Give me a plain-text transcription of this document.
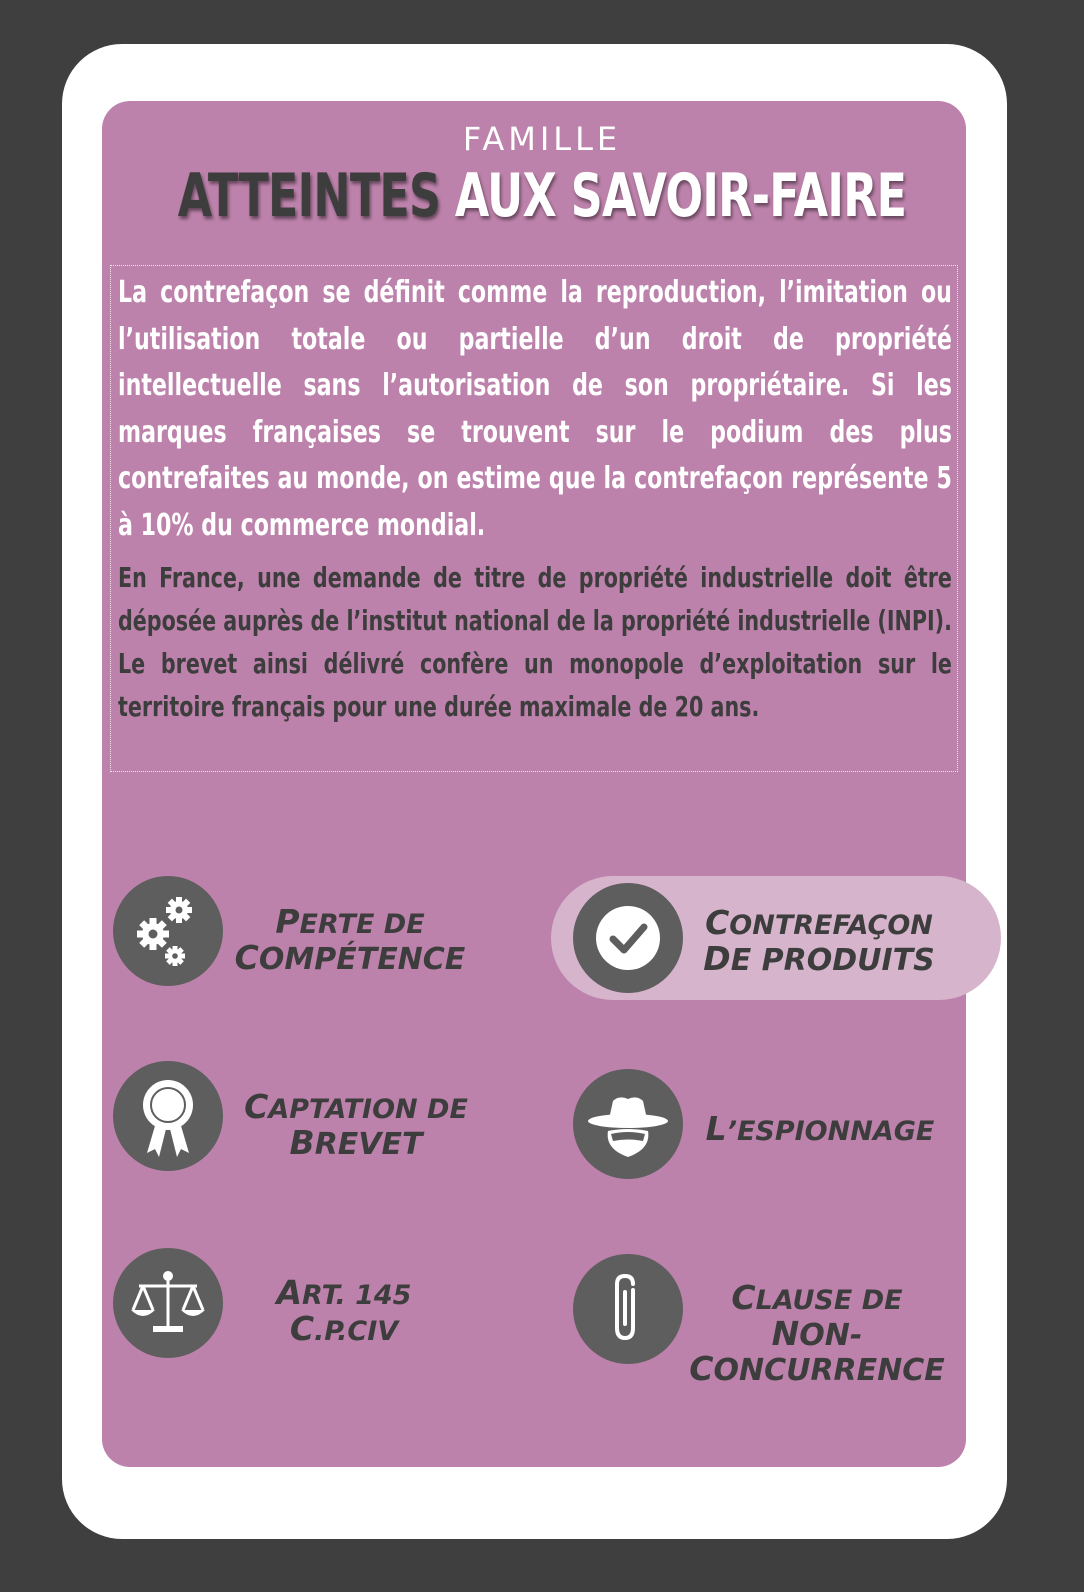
FAMILLE

ATTEINTES AUX SAVOIR-FAIRE

La contrefaçon se définit comme la reproduction, l’imitation ou l’utilisation totale ou partielle d’un droit de propriété intellectuelle sans l’autorisation de son propriétaire. Si les marques françaises se trouvent sur le podium des plus contrefaites au monde, on estime que la contrefaçon représente 5 à 10% du commerce mondial.

En France, une demande de titre de propriété industrielle doit être déposée auprès de l’institut national de la propriété industrielle (INPI). Le brevet ainsi délivré confère un monopole d’exploitation sur le territoire français pour une durée maximale de 20 ans.

PERTE DE
COMPÉTENCE

CONTREFAÇON
DE PRODUITS

CAPTATION DE
BREVET	L’ESPIONNAGE

ART. 145
C.P.CIV

CLAUSE DE
NON-
CONCURRENCE
